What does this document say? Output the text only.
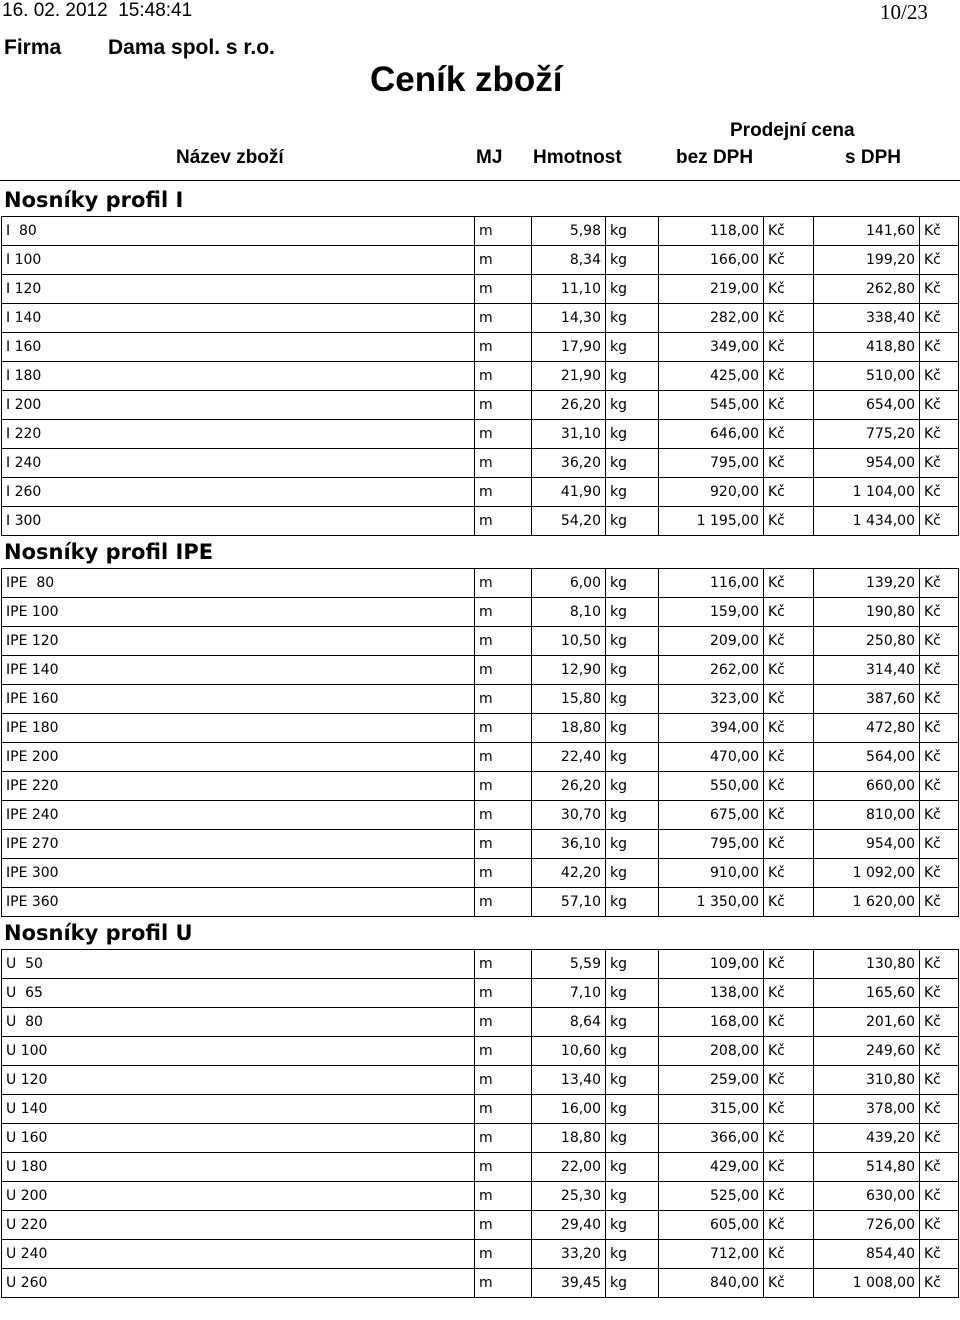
16. 02. 2012  15:48:41	10/23
Firma Dama spol. s r.o.
Ceník zboží
Prodejní cena
Název zboží	MJ Hmotnost	bez DPH	s DPH
Nosníky profil I
I  80	m	5,98	kg	118,00	Kč	141,60	Kč
I 100	m	8,34	kg	166,00	Kč	199,20	Kč
I 120	m	11,10	kg	219,00	Kč	262,80	Kč
I 140	m	14,30	kg	282,00	Kč	338,40	Kč
I 160	m	17,90	kg	349,00	Kč	418,80	Kč
I 180	m	21,90	kg	425,00	Kč	510,00	Kč
I 200	m	26,20	kg	545,00	Kč	654,00	Kč
I 220	m	31,10	kg	646,00	Kč	775,20	Kč
I 240	m	36,20	kg	795,00	Kč	954,00	Kč
I 260	m	41,90	kg	920,00	Kč	1 104,00	Kč
I 300	m	54,20	kg	1 195,00	Kč	1 434,00	Kč
Nosníky profil IPE
IPE  80	m	6,00	kg	116,00	Kč	139,20	Kč
IPE 100	m	8,10	kg	159,00	Kč	190,80	Kč
IPE 120	m	10,50	kg	209,00	Kč	250,80	Kč
IPE 140	m	12,90	kg	262,00	Kč	314,40	Kč
IPE 160	m	15,80	kg	323,00	Kč	387,60	Kč
IPE 180	m	18,80	kg	394,00	Kč	472,80	Kč
IPE 200	m	22,40	kg	470,00	Kč	564,00	Kč
IPE 220	m	26,20	kg	550,00	Kč	660,00	Kč
IPE 240	m	30,70	kg	675,00	Kč	810,00	Kč
IPE 270	m	36,10	kg	795,00	Kč	954,00	Kč
IPE 300	m	42,20	kg	910,00	Kč	1 092,00	Kč
IPE 360	m	57,10	kg	1 350,00	Kč	1 620,00	Kč
Nosníky profil U
U  50	m	5,59	kg	109,00	Kč	130,80	Kč
U  65	m	7,10	kg	138,00	Kč	165,60	Kč
U  80	m	8,64	kg	168,00	Kč	201,60	Kč
U 100	m	10,60	kg	208,00	Kč	249,60	Kč
U 120	m	13,40	kg	259,00	Kč	310,80	Kč
U 140	m	16,00	kg	315,00	Kč	378,00	Kč
U 160	m	18,80	kg	366,00	Kč	439,20	Kč
U 180	m	22,00	kg	429,00	Kč	514,80	Kč
U 200	m	25,30	kg	525,00	Kč	630,00	Kč
U 220	m	29,40	kg	605,00	Kč	726,00	Kč
U 240	m	33,20	kg	712,00	Kč	854,40	Kč
U 260	m	39,45	kg	840,00	Kč	1 008,00	Kč
